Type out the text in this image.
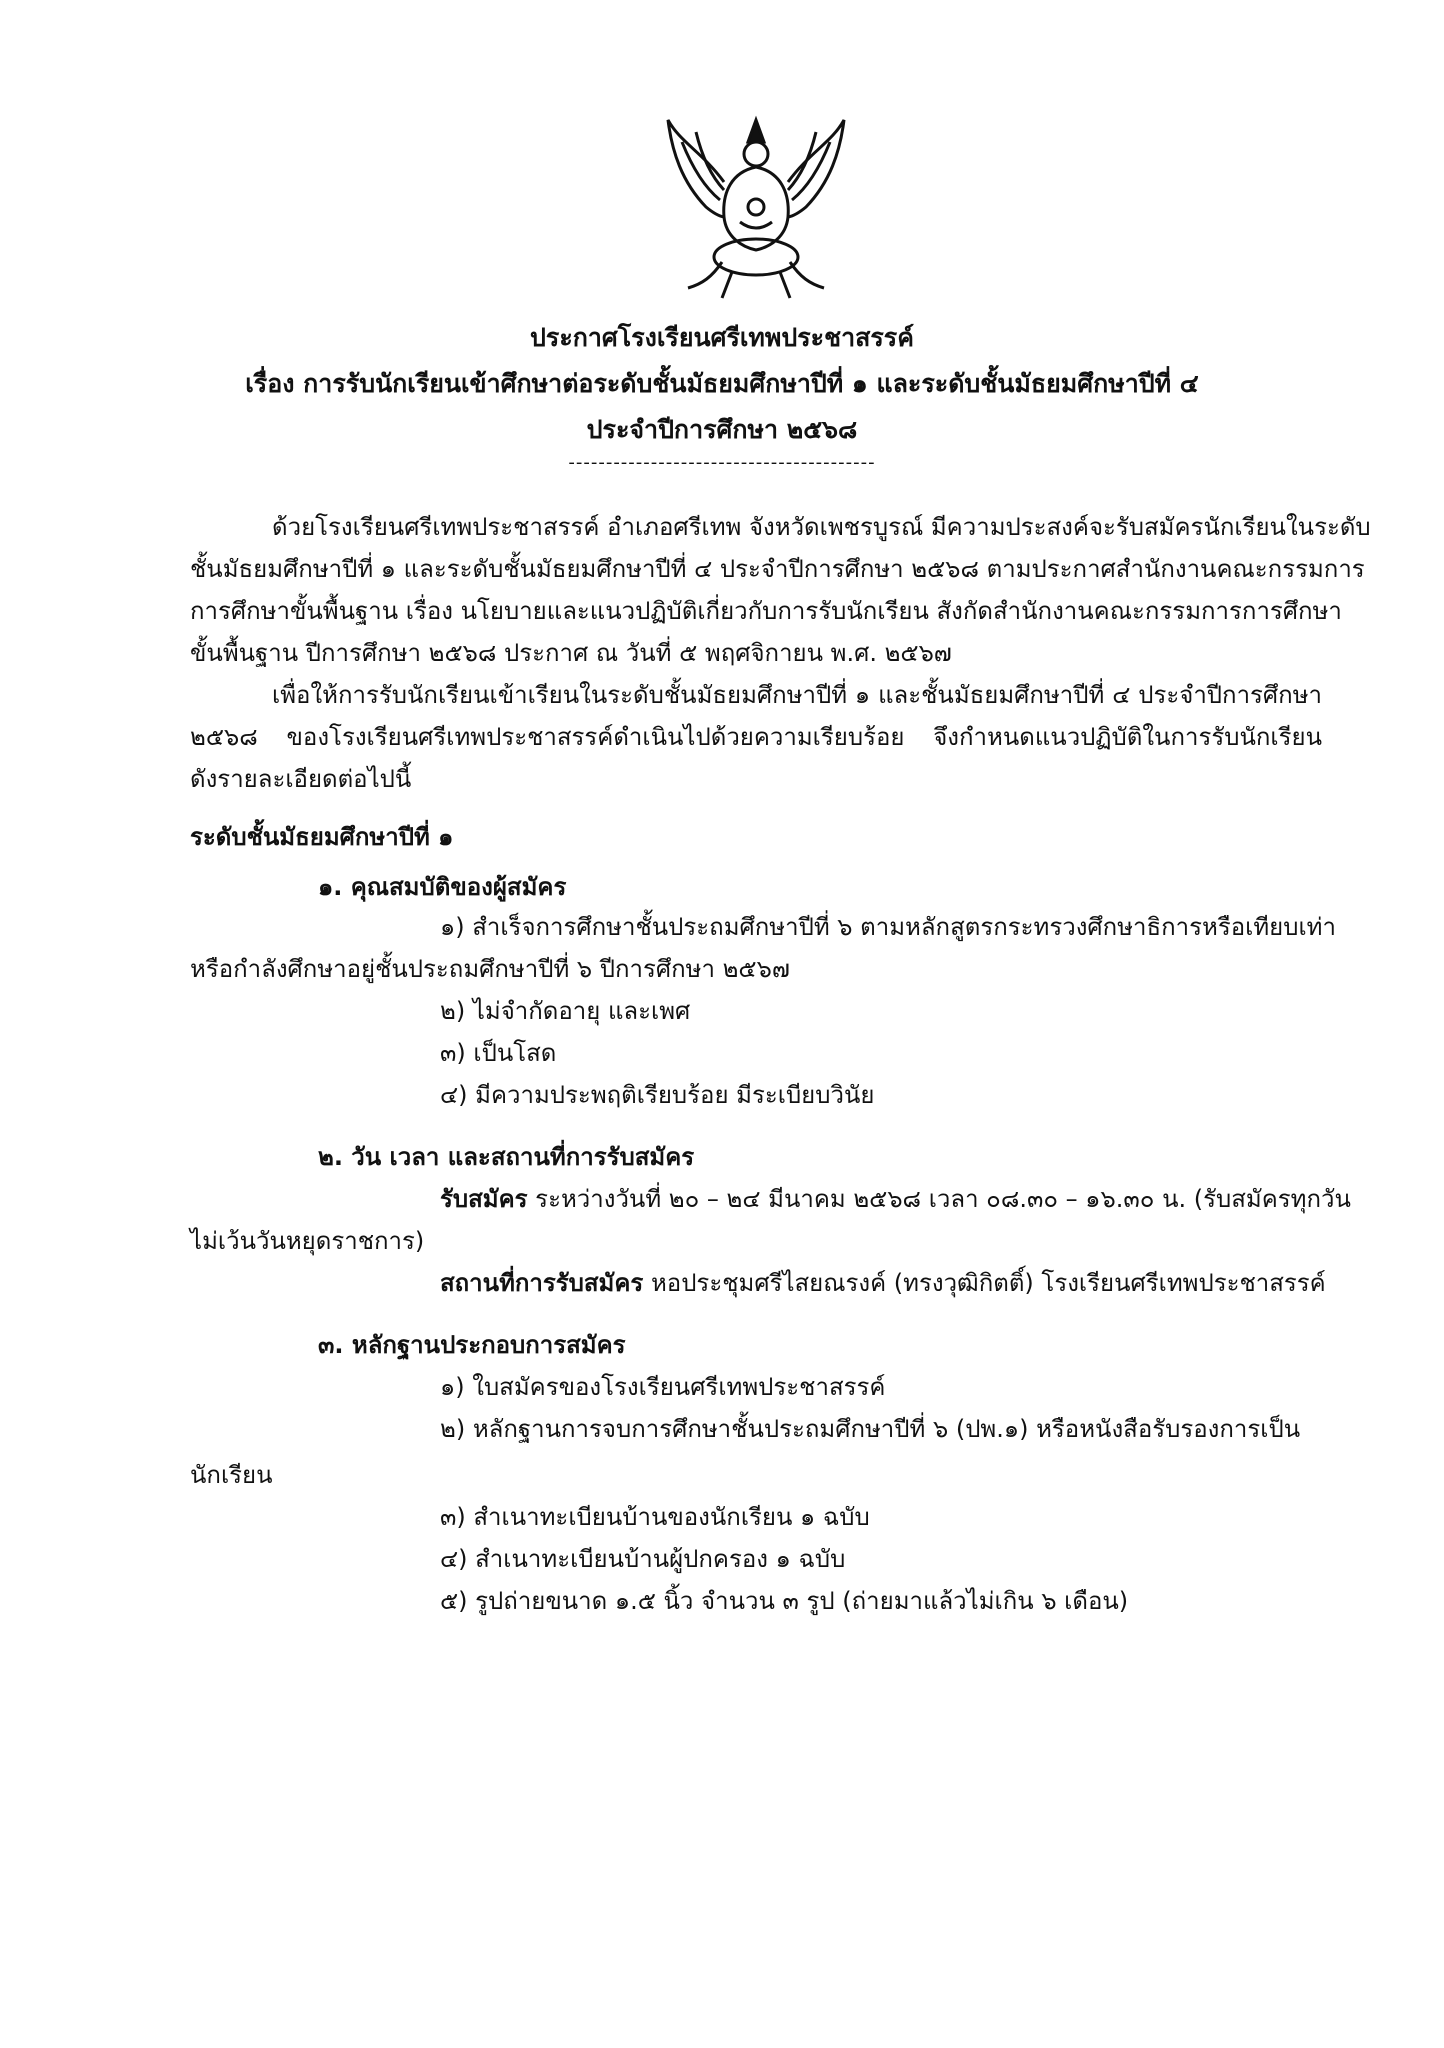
ประกาศโรงเรียนศรีเทพประชาสรรค์
เรื่อง การรับนักเรียนเข้าศึกษาต่อระดับชั้นมัธยมศึกษาปีที่ ๑ และระดับชั้นมัธยมศึกษาปีที่ ๔
ประจำปีการศึกษา ๒๕๖๘
-----------------------------------------
ด้วยโรงเรียนศรีเทพประชาสรรค์ อำเภอศรีเทพ จังหวัดเพชรบูรณ์ มีความประสงค์จะรับสมัครนักเรียนในระดับ
ชั้นมัธยมศึกษาปีที่ ๑ และระดับชั้นมัธยมศึกษาปีที่ ๔ ประจำปีการศึกษา ๒๕๖๘ ตามประกาศสำนักงานคณะกรรมการ
การศึกษาขั้นพื้นฐาน เรื่อง นโยบายและแนวปฏิบัติเกี่ยวกับการรับนักเรียน สังกัดสำนักงานคณะกรรมการการศึกษา
ขั้นพื้นฐาน ปีการศึกษา ๒๕๖๘ ประกาศ ณ วันที่ ๕ พฤศจิกายน พ.ศ. ๒๕๖๗
เพื่อให้การรับนักเรียนเข้าเรียนในระดับชั้นมัธยมศึกษาปีที่ ๑ และชั้นมัธยมศึกษาปีที่ ๔ ประจำปีการศึกษา
๒๕๖๘ ของโรงเรียนศรีเทพประชาสรรค์ดำเนินไปด้วยความเรียบร้อย จึงกำหนดแนวปฏิบัติในการรับนักเรียน
ดังรายละเอียดต่อไปนี้
ระดับชั้นมัธยมศึกษาปีที่ ๑
๑. คุณสมบัติของผู้สมัคร
๑) สำเร็จการศึกษาชั้นประถมศึกษาปีที่ ๖ ตามหลักสูตรกระทรวงศึกษาธิการหรือเทียบเท่า
หรือกำลังศึกษาอยู่ชั้นประถมศึกษาปีที่ ๖ ปีการศึกษา ๒๕๖๗
๒) ไม่จำกัดอายุ และเพศ
๓) เป็นโสด
๔) มีความประพฤติเรียบร้อย มีระเบียบวินัย
๒. วัน เวลา และสถานที่การรับสมัคร
รับสมัคร ระหว่างวันที่ ๒๐ – ๒๔ มีนาคม ๒๕๖๘ เวลา ๐๘.๓๐ – ๑๖.๓๐ น. (รับสมัครทุกวัน
ไม่เว้นวันหยุดราชการ)
สถานที่การรับสมัคร หอประชุมศรีไสยณรงค์ (ทรงวุฒิกิตติ์) โรงเรียนศรีเทพประชาสรรค์
๓. หลักฐานประกอบการสมัคร
๑) ใบสมัครของโรงเรียนศรีเทพประชาสรรค์
๒) หลักฐานการจบการศึกษาชั้นประถมศึกษาปีที่ ๖ (ปพ.๑) หรือหนังสือรับรองการเป็น
นักเรียน
๓) สำเนาทะเบียนบ้านของนักเรียน ๑ ฉบับ
๔) สำเนาทะเบียนบ้านผู้ปกครอง ๑ ฉบับ
๕) รูปถ่ายขนาด ๑.๕ นิ้ว จำนวน ๓ รูป (ถ่ายมาแล้วไม่เกิน ๖ เดือน)
